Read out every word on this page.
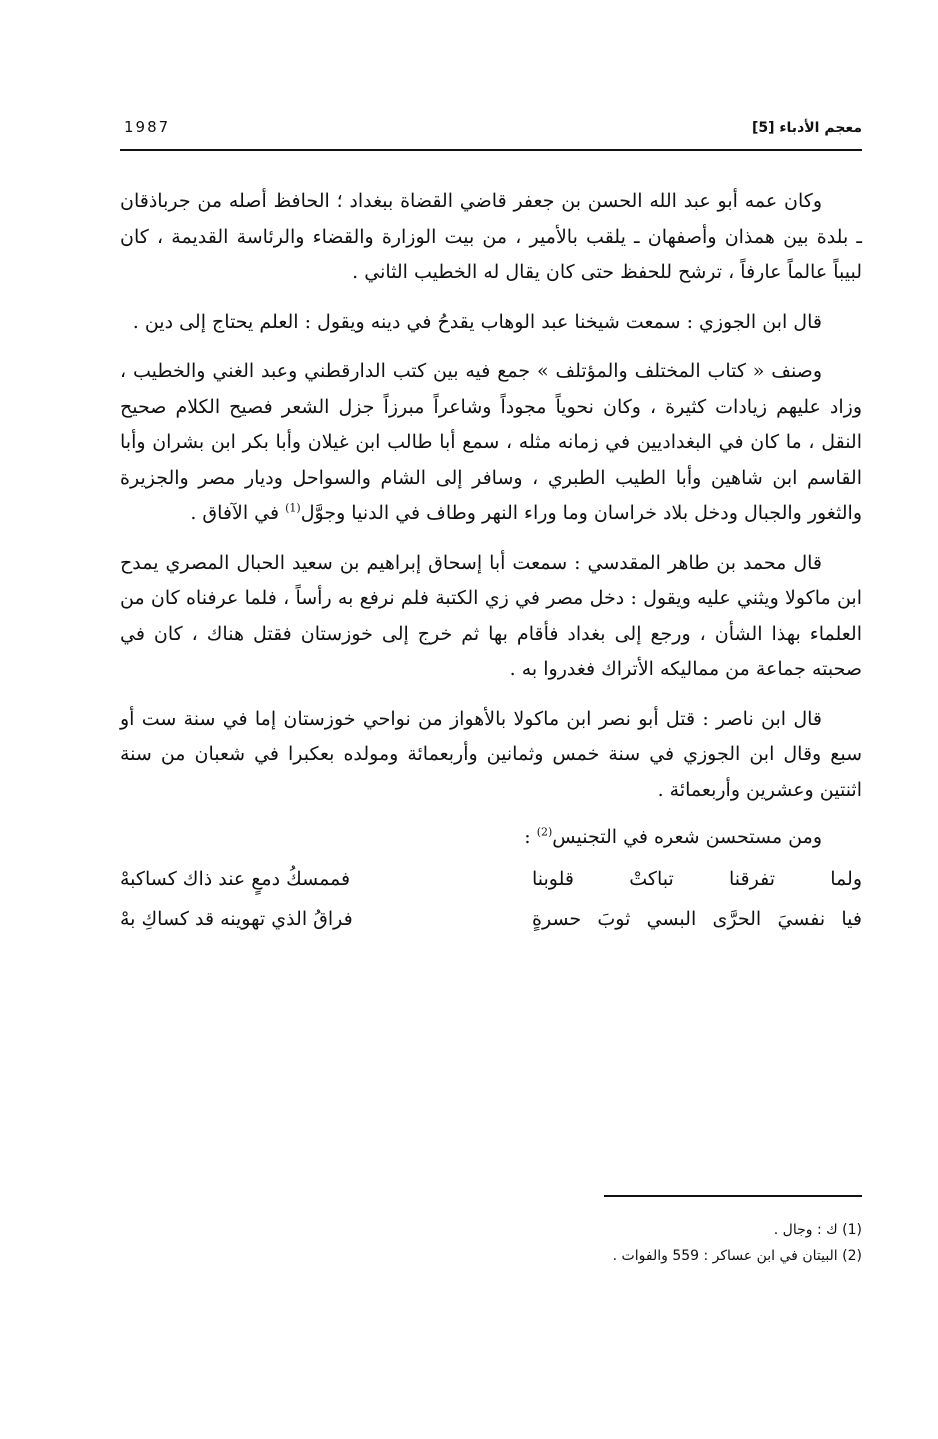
معجم الأدباء [5]
1987

وكان عمه أبو عبد الله الحسن بن جعفر قاضي القضاة ببغداد ؛ الحافظ أصله من جرباذقان ـ بلدة بين همذان وأصفهان ـ يلقب بالأمير ، من بيت الوزارة والقضاء والرئاسة القديمة ، كان لبيباً عالماً عارفاً ، ترشح للحفظ حتى كان يقال له الخطيب الثاني .

قال ابن الجوزي : سمعت شيخنا عبد الوهاب يقدحُ في دينه ويقول : العلم يحتاج إلى دين .

وصنف « كتاب المختلف والمؤتلف » جمع فيه بين كتب الدارقطني وعبد الغني والخطيب ، وزاد عليهم زيادات كثيرة ، وكان نحوياً مجوداً وشاعراً مبرزاً جزل الشعر فصيح الكلام صحيح النقل ، ما كان في البغداديين في زمانه مثله ، سمع أبا طالب ابن غيلان وأبا بكر ابن بشران وأبا القاسم ابن شاهين وأبا الطيب الطبري ، وسافر إلى الشام والسواحل وديار مصر والجزيرة والثغور والجبال ودخل بلاد خراسان وما وراء النهر وطاف في الدنيا وجوَّل$^{(1)}$ في الآفاق .

قال محمد بن طاهر المقدسي : سمعت أبا إسحاق إبراهيم بن سعيد الحبال المصري يمدح ابن ماكولا ويثني عليه ويقول : دخل مصر في زي الكتبة فلم نرفع به رأساً ، فلما عرفناه كان من العلماء بهذا الشأن ، ورجع إلى بغداد فأقام بها ثم خرج إلى خوزستان فقتل هناك ، كان في صحبته جماعة من مماليكه الأتراك فغدروا به .

قال ابن ناصر : قتل أبو نصر ابن ماكولا بالأهواز من نواحي خوزستان إما في سنة ست أو سبع وقال ابن الجوزي في سنة خمس وثمانين وأربعمائة ومولده بعكبرا في شعبان من سنة اثنتين وعشرين وأربعمائة .

ومن مستحسن شعره في التجنيس$^{(2)}$ :

ولما تفرقنا تباكتْ قلوبنا
فممسكُ دمعٍ عند ذاك كساكبهْ
فيا نفسيَ الحرَّى البسي ثوبَ حسرةٍ
فراقُ الذي تهوينه قد كساكِ بهْ

(1) ك : وجال .

(2) البيتان في ابن عساكر : 559 والفوات .
